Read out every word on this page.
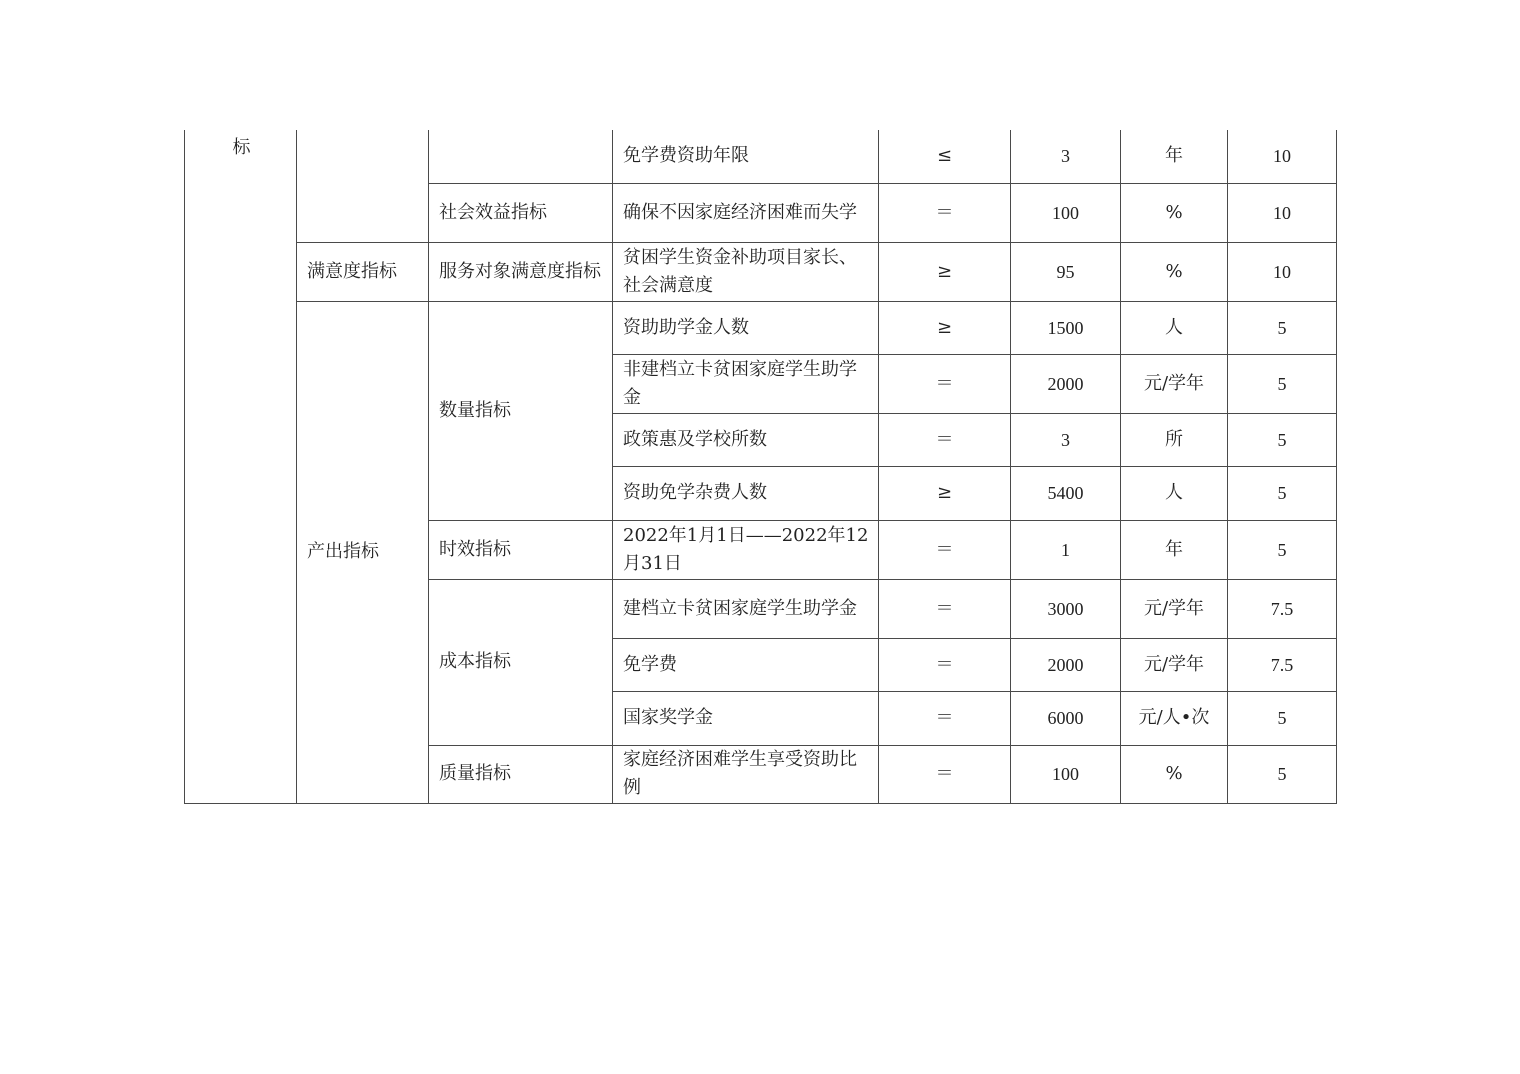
标			免学费资助年限	≤	3	年	10
		社会效益指标	确保不因家庭经济困难而失学	＝	100	%	10
	满意度指标	服务对象满意度指标	贫困学生资金补助项目家长、社会满意度	≥	95	%	10
	产出指标	数量指标	资助助学金人数	≥	1500	人	5
			非建档立卡贫困家庭学生助学金	＝	2000	元/学年	5
			政策惠及学校所数	＝	3	所	5
			资助免学杂费人数	≥	5400	人	5
		时效指标	2022年1月1日——2022年12月31日	＝	1	年	5
		成本指标	建档立卡贫困家庭学生助学金	＝	3000	元/学年	7.5
			免学费	＝	2000	元/学年	7.5
			国家奖学金	＝	6000	元/人•次	5
		质量指标	家庭经济困难学生享受资助比例	＝	100	%	5
